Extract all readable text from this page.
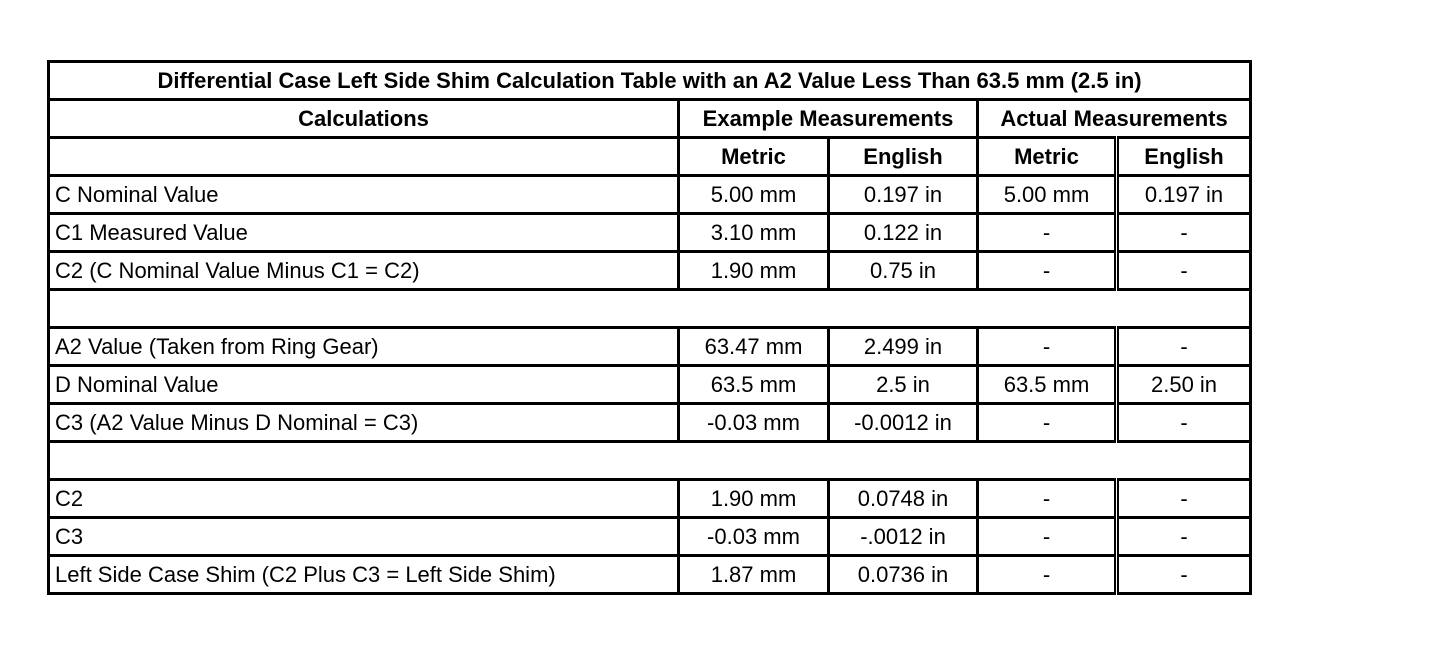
Differential Case Left Side Shim Calculation Table with an A2 Value Less Than 63.5 mm (2.5 in)				
Calculations	Example Measurements		Actual Measurements	
	Metric	English	Metric	English
C Nominal Value	5.00 mm	0.197 in	5.00 mm	0.197 in
C1 Measured Value	3.10 mm	0.122 in	-	-
C2 (C Nominal Value Minus C1 = C2)	1.90 mm	0.75 in	-	-

A2 Value (Taken from Ring Gear)	63.47 mm	2.499 in	-	-
D Nominal Value	63.5 mm	2.5 in	63.5 mm	2.50 in
C3 (A2 Value Minus D Nominal = C3)	-0.03 mm	-0.0012 in	-	-

C2	1.90 mm	0.0748 in	-	-
C3	-0.03 mm	-.0012 in	-	-
Left Side Case Shim (C2 Plus C3 = Left Side Shim)	1.87 mm	0.0736 in	-	-
